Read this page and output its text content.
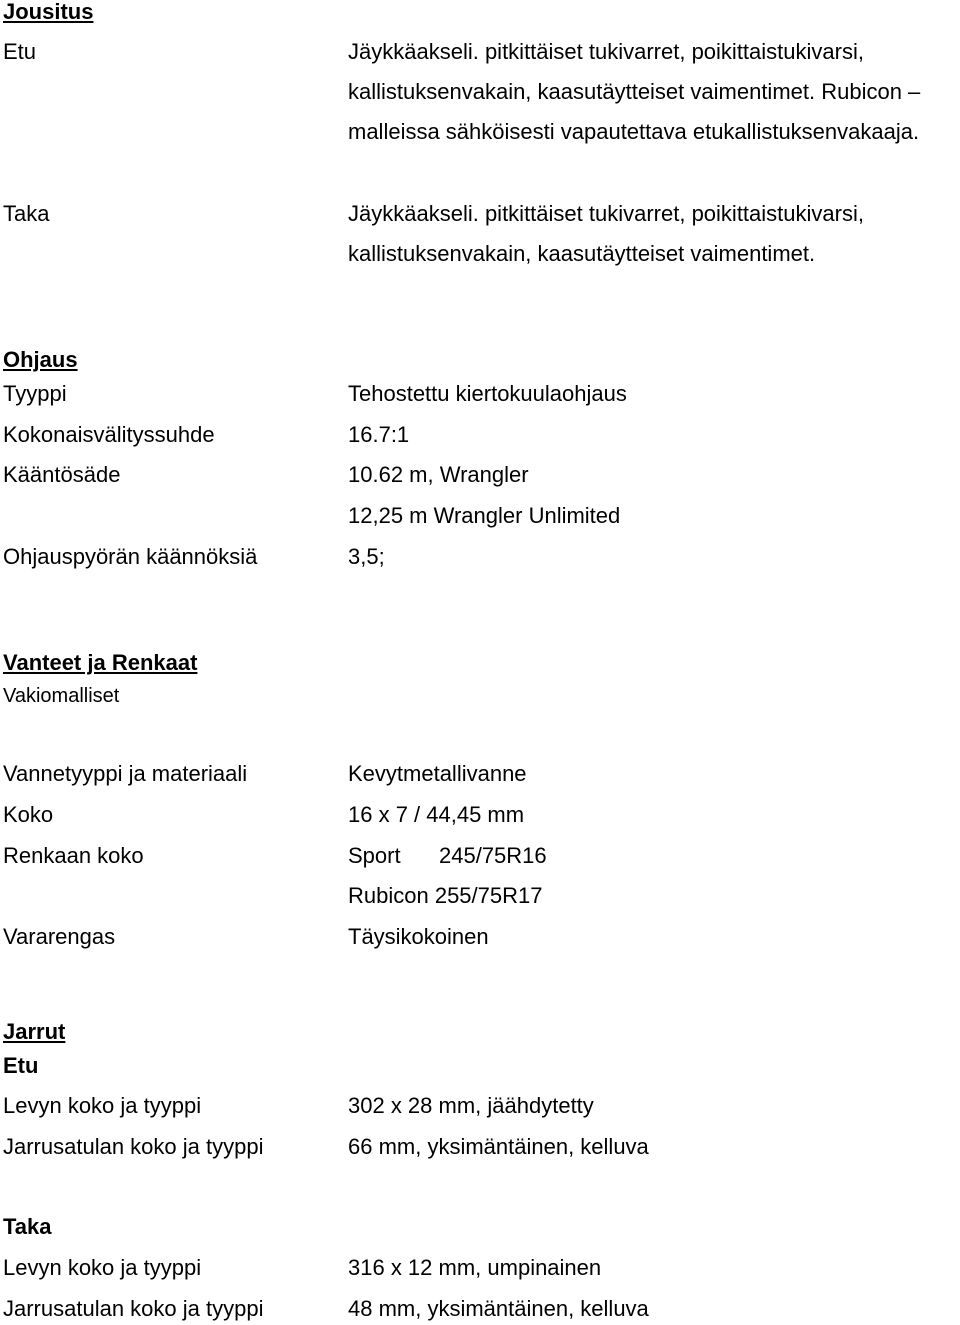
Jousitus
Etu	Jäykkäakseli. pitkittäiset tukivarret, poikittaistukivarsi,
kallistuksenvakain, kaasutäytteiset vaimentimet. Rubicon –
malleissa sähköisesti vapautettava etukallistuksenvakaaja.
Taka	Jäykkäakseli. pitkittäiset tukivarret, poikittaistukivarsi,
kallistuksenvakain, kaasutäytteiset vaimentimet.
Ohjaus
Tyyppi	Tehostettu kiertokuulaohjaus
Kokonaisvälityssuhde	16.7:1
Kääntösäde	10.62 m, Wrangler
12,25 m Wrangler Unlimited
Ohjauspyörän käännöksiä	3,5;
Vanteet ja Renkaat
Vakiomalliset
Vannetyyppi ja materiaali	Kevytmetallivanne
Koko	16 x 7 / 44,45 mm
Renkaan koko	Sport 245/75R16
Rubicon 255/75R17
Vararengas	Täysikokoinen
Jarrut
Etu
Levyn koko ja tyyppi	302 x 28 mm, jäähdytetty
Jarrusatulan koko ja tyyppi	66 mm, yksimäntäinen, kelluva
Taka
Levyn koko ja tyyppi	316 x 12 mm, umpinainen
Jarrusatulan koko ja tyyppi	48 mm, yksimäntäinen, kelluva
